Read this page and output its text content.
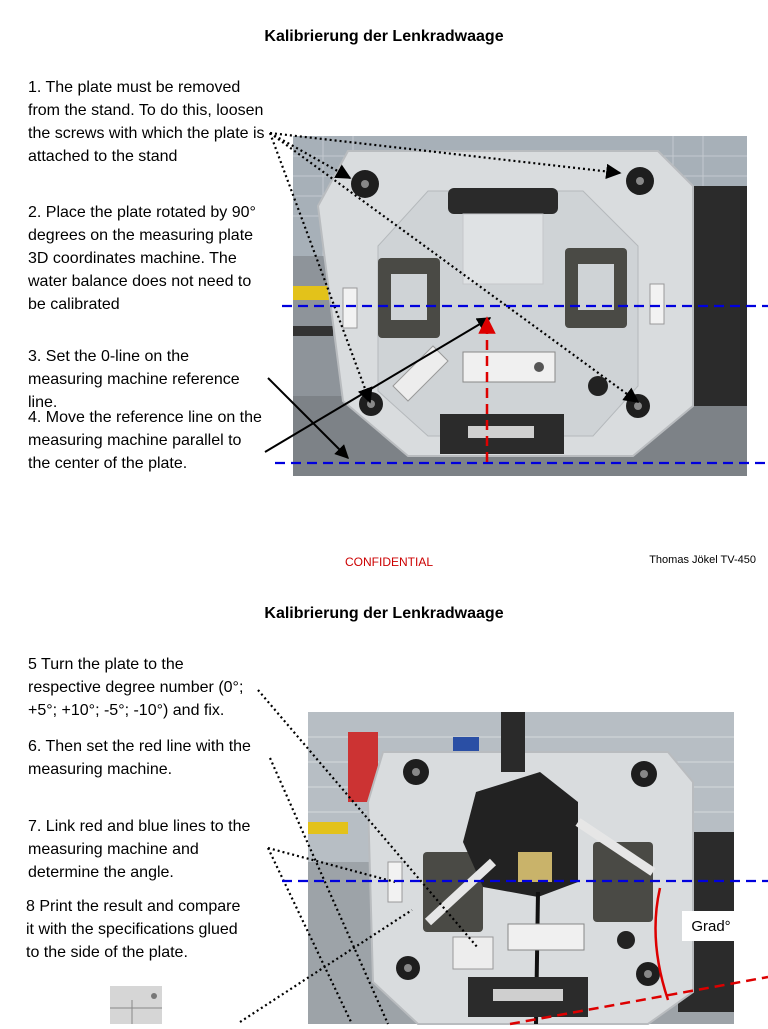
Kalibrierung der Lenkradwaage
1. The plate must be removed from the stand. To do this, loosen the screws with which the plate is attached to the stand
2. Place the plate rotated by 90° degrees on the measuring plate 3D coordinates machine. The water balance does not need to be calibrated
3. Set the 0-line on the measuring machine reference line.
4. Move the reference line on the measuring machine parallel to the center of the plate.
CONFIDENTIAL	Thomas Jökel TV-450
Kalibrierung der Lenkradwaage
5 Turn the plate to the respective degree number (0°; +5°; +10°; -5°; -10°) and fix.
6. Then set the red line with the measuring machine.
7. Link red and blue lines to the measuring machine and determine the angle.
8 Print the result and compare it with the specifications glued to the side of the plate.
Grad°
